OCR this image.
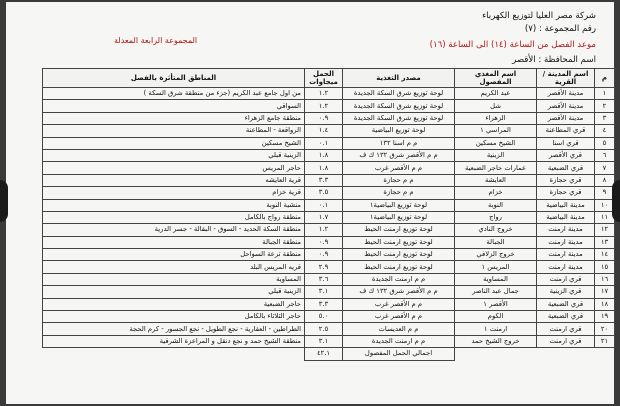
شركة مصر العليا لتوزيع الكهرباء
رقم المجموعة : (٧)
موعد الفصل من الساعة (١٤) الى الساعة (١٦)
اسم المحافظة : الأقصر
المجموعة الرابعة المعدلة
م	اسم المدينة / القرية	اسم المغذي المفصول	مصدر التغذية	الحمل ميجاوات	المناطق المتأثرة بالفصل
١	مدينة الأقصر	عبد الكريم	لوحة توزيع شرق السكة الجديدة	١.٢	من اول جامع عبد الكريم (جزء من منطقة شرق السكة )
٢	مدينة الأقصر	شل	لوحة توزيع شرق السكة الجديدة	١.٢	السواقي
٣	مدينة الأقصر	الزهراء	لوحة توزيع شرق السكة الجديدة	٠.٩	منطقة جامع الزهراء
٤	قري المطاعنة	المراسي ١	لوحة توزيع البياضية	١.٤	الرواقعة - المطاعنة
٥	قري اسنا	الشيخ مسكين	م م اسنا ١٣٢	٠.١	الشيخ مسكين
٦	قري الأقصر	الزينية	م م الأقصر شرق ١٣٢ ك ف	١.٨	الزينية قبلي
٧	قري الضبعية	عمارات حاجر الضبعية	م م الأقصر غرب	١.٨	حاجر المريس
٨	قري حجازة	العايشة	م م حجازة	٣.٣	قرية العايشه
٩	قري حجازة	خزام	م م حجازة	٣.٥	قرية خزام
١٠	مدينة البياضية	النوبة	لوحة توزيع البياضية١	٠.١	منشية النوبة
١١	مدينة البياضية	رواج	لوحة توزيع البياضية١	١.٧	منطقة رواج بالكامل
١٢	مدينة ارمنت	خروج النادي	لوحة توزيع ارمنت الحيط	١.٢	منطقة السكة الحديد - السوق - البقالة - جسر الدرية
١٣	مدينة ارمنت	الجبالة	لوحة توزيع ارمنت الحيط	٠.٩	منطقة الجبالة
١٤	مدينة ارمنت	خروج الزلافي	لوحة توزيع ارمنت الحيط	٠.٩	منطقة ترعة السواحل
١٥	مدينة ارمنت	المريس ١	لوحة توزيع ارمنت الحيط	٢.٩	قريه المريس البلد
١٦	قري ارمنت	المساوية	م م ارمنت الجديدة	٣.٦	المساوية
١٧	قري الزينية	جمال عبد الناصر	م م الأقصر شرق ١٣٢ ك ف	٣.١	الزينية قبلي
١٨	قري الضبعية	الأقصر ١	م م الأقصر غرب	٣.٣	حاجر الضبعية
١٩	قري الضبعية	الكوم	م م الأقصر غرب	٥.٠	حاجر الثلاثاء بالكامل
٢٠	قري ارمنت	ارمنت ١	م م العديسات	٢.٥	الطراطين - العقارية - نجع الطويل - نجع الجسور - كرم الحجة
٢١	قري ارمنت	خروج الشيخ حمد	م م ارمنت الجديدة	٣.١	منطقة الشيخ حمد و نجع دنقل و المراعزة الشرقية
			اجمالي الحمل المفصول	٤٢.١	
